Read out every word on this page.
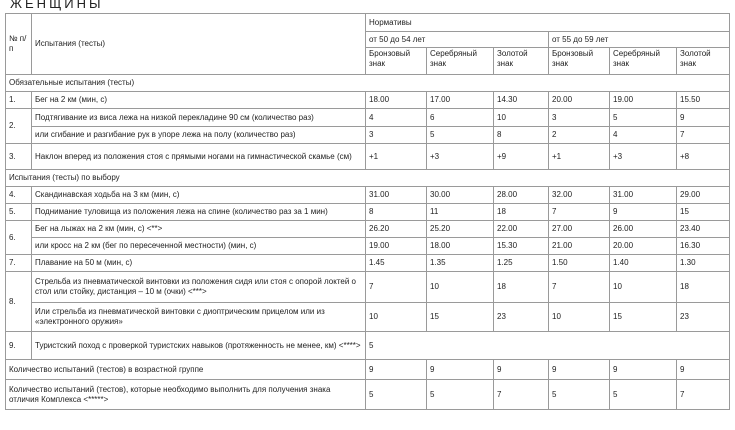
ЖЕНЩИНЫ
№ п/п	Испытания (тесты)	Нормативы					
		от 50 до 54 лет			от 55 до 59 лет		
		Бронзовый знак	Серебряный знак	Золотой знак	Бронзовый знак	Серебряный знак	Золотой знак
Обязательные испытания (тесты)							
1.	Бег на 2 км (мин, с)	18.00	17.00	14.30	20.00	19.00	15.50
2.	Подтягивание из виса лежа на низкой перекладине 90 см (количество раз)	4	6	10	3	5	9
	или сгибание и разгибание рук в упоре лежа на полу (количество раз)	3	5	8	2	4	7
3.	Наклон вперед из положения стоя с прямыми ногами на гимнастической скамье (см)	+1	+3	+9	+1	+3	+8
Испытания (тесты) по выбору							
4.	Скандинавская ходьба на 3 км (мин, с)	31.00	30.00	28.00	32.00	31.00	29.00
5.	Поднимание туловища из положения лежа на спине (количество раз за 1 мин)	8	11	18	7	9	15
6.	Бег на лыжах на 2 км (мин, с) <**>	26.20	25.20	22.00	27.00	26.00	23.40
	или кросс на 2 км (бег по пересеченной местности) (мин, с)	19.00	18.00	15.30	21.00	20.00	16.30
7.	Плавание на 50 м (мин, с)	1.45	1.35	1.25	1.50	1.40	1.30
8.	Стрельба из пневматической винтовки из положения сидя или стоя с опорой локтей о стол или стойку, дистанция – 10 м (очки) <***>	7	10	18	7	10	18
	Или стрельба из пневматической винтовки с диоптрическим прицелом или из «электронного оружия»	10	15	23	10	15	23
9.	Туристский поход с проверкой туристских навыков (протяженность не менее, км) <****>	5					
Количество испытаний (тестов) в возрастной группе		9	9	9	9	9	9
Количество испытаний (тестов), которые необходимо выполнить для получения знака отличия Комплекса <*****>		5	5	7	5	5	7
